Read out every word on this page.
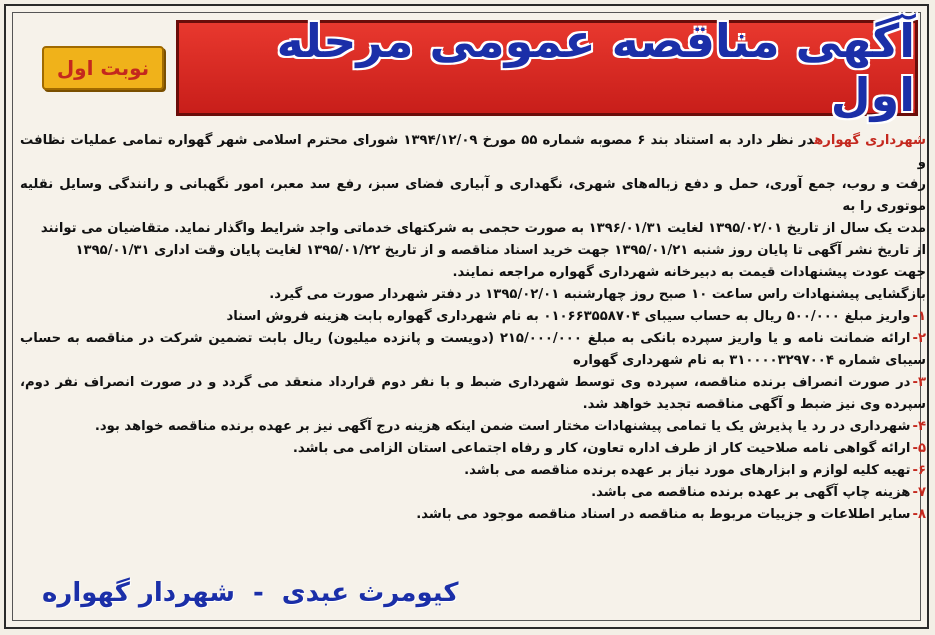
نوبت اول	آگهی مناقصه عمومی مرحله اول

شهرداری گهوارهدر نظر دارد به استناد بند ۶ مصوبه شماره ۵۵ مورخ ۱۳۹۴/۱۲/۰۹ شورای محترم اسلامی شهر گهواره تمامی عملیات نظافت و

رفت و روب، جمع آوری، حمل و دفع زباله‌های شهری، نگهداری و آبیاری فضای سبز، رفع سد معبر، امور نگهبانی و رانندگی وسایل نقلیه موتوری را به

مدت یک سال از تاریخ ۱۳۹۵/۰۲/۰۱ لغایت ۱۳۹۶/۰۱/۳۱ به صورت حجمی به شرکتهای خدماتی واجد شرایط واگذار نماید. متقاضیان می توانند

از تاریخ نشر آگهی تا پایان روز شنبه ۱۳۹۵/۰۱/۲۱ جهت خرید اسناد مناقصه و از تاریخ ۱۳۹۵/۰۱/۲۲ لغایت پایان وقت اداری ۱۳۹۵/۰۱/۳۱

جهت عودت پیشنهادات قیمت به دبیرخانه شهرداری گهواره مراجعه نمایند.

بازگشایی پیشنهادات راس ساعت ۱۰ صبح روز چهارشنبه ۱۳۹۵/۰۲/۰۱ در دفتر شهردار صورت می گیرد.

۱-واریز مبلغ ۵۰۰/۰۰۰ ریال به حساب سیبای ۰۱۰۶۶۳۵۵۸۷۰۴ به نام شهرداری گهواره بابت هزینه فروش اسناد

۲-ارائه ضمانت نامه و یا واریز سپرده بانکی به مبلغ ۲۱۵/۰۰۰/۰۰۰ (دویست و پانزده میلیون) ریال بابت تضمین شرکت در مناقصه به حساب سیبای شماره ۳۱۰۰۰۰۳۲۹۷۰۰۴ به نام شهرداری گهواره

۳-در صورت انصراف برنده مناقصه، سپرده وی توسط شهرداری ضبط و با نفر دوم قرارداد منعقد می گردد و در صورت انصراف نفر دوم، سپرده وی نیز ضبط و آگهی مناقصه تجدید خواهد شد.

۴-شهرداری در رد یا پذیرش یک یا تمامی پیشنهادات مختار است ضمن اینکه هزینه درج آگهی نیز بر عهده برنده مناقصه خواهد بود.

۵-ارائه گواهی نامه صلاحیت کار از طرف اداره تعاون، کار و رفاه اجتماعی استان الزامی می باشد.

۶-تهیه کلیه لوازم و ابزارهای مورد نیاز بر عهده برنده مناقصه می باشد.

۷-هزینه چاپ آگهی بر عهده برنده مناقصه می باشد.

۸-سایر اطلاعات و جزییات مربوط به مناقصه در اسناد مناقصه موجود می باشد.

کیومرث عبدی
-
شهردار گهواره
